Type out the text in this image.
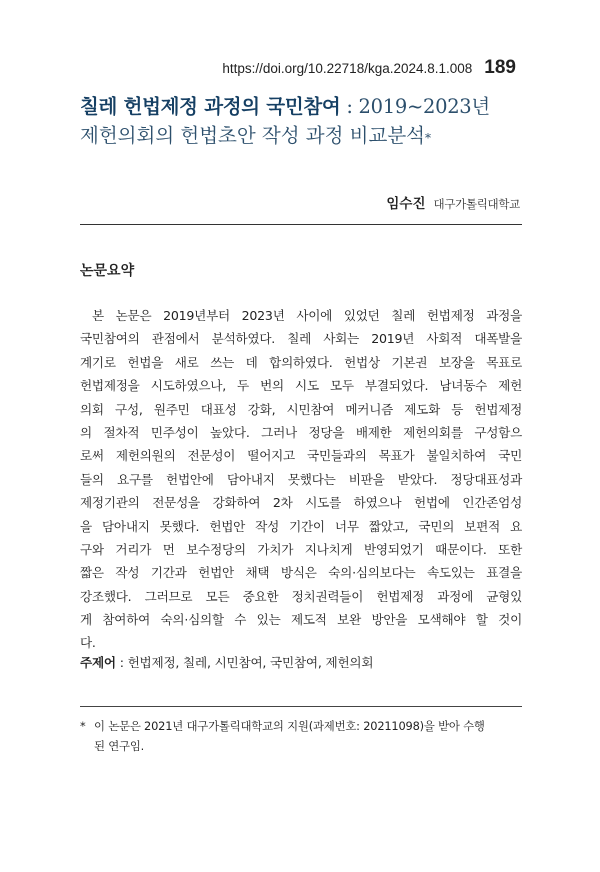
https://doi.org/10.22718/kga.2024.8.1.008 189
칠레 헌법제정 과정의 국민참여 : 2019~2023년
제헌의회의 헌법초안 작성 과정 비교분석*
임수진 대구가톨릭대학교
논문요약
본 논문은 2019년부터 2023년 사이에 있었던 칠레 헌법제정 과정을
국민참여의 관점에서 분석하였다. 칠레 사회는 2019년 사회적 대폭발을
계기로 헌법을 새로 쓰는 데 합의하였다. 헌법상 기본권 보장을 목표로
헌법제정을 시도하였으나, 두 번의 시도 모두 부결되었다. 남녀동수 제헌
의회 구성, 원주민 대표성 강화, 시민참여 메커니즘 제도화 등 헌법제정
의 절차적 민주성이 높았다. 그러나 정당을 배제한 제헌의회를 구성함으
로써 제헌의원의 전문성이 떨어지고 국민들과의 목표가 불일치하여 국민
들의 요구를 헌법안에 담아내지 못했다는 비판을 받았다. 정당대표성과
제정기관의 전문성을 강화하여 2차 시도를 하였으나 헌법에 인간존엄성
을 담아내지 못했다. 헌법안 작성 기간이 너무 짧았고, 국민의 보편적 요
구와 거리가 먼 보수정당의 가치가 지나치게 반영되었기 때문이다. 또한
짧은 작성 기간과 헌법안 채택 방식은 숙의·심의보다는 속도있는 표결을
강조했다. 그러므로 모든 중요한 정치권력들이 헌법제정 과정에 균형있
게 참여하여 숙의·심의할 수 있는 제도적 보완 방안을 모색해야 할 것이
다.
주제어 : 헌법제정, 칠레, 시민참여, 국민참여, 제헌의회
* 이 논문은 2021년 대구가톨릭대학교의 지원(과제번호: 20211098)을 받아 수행
된 연구임.
